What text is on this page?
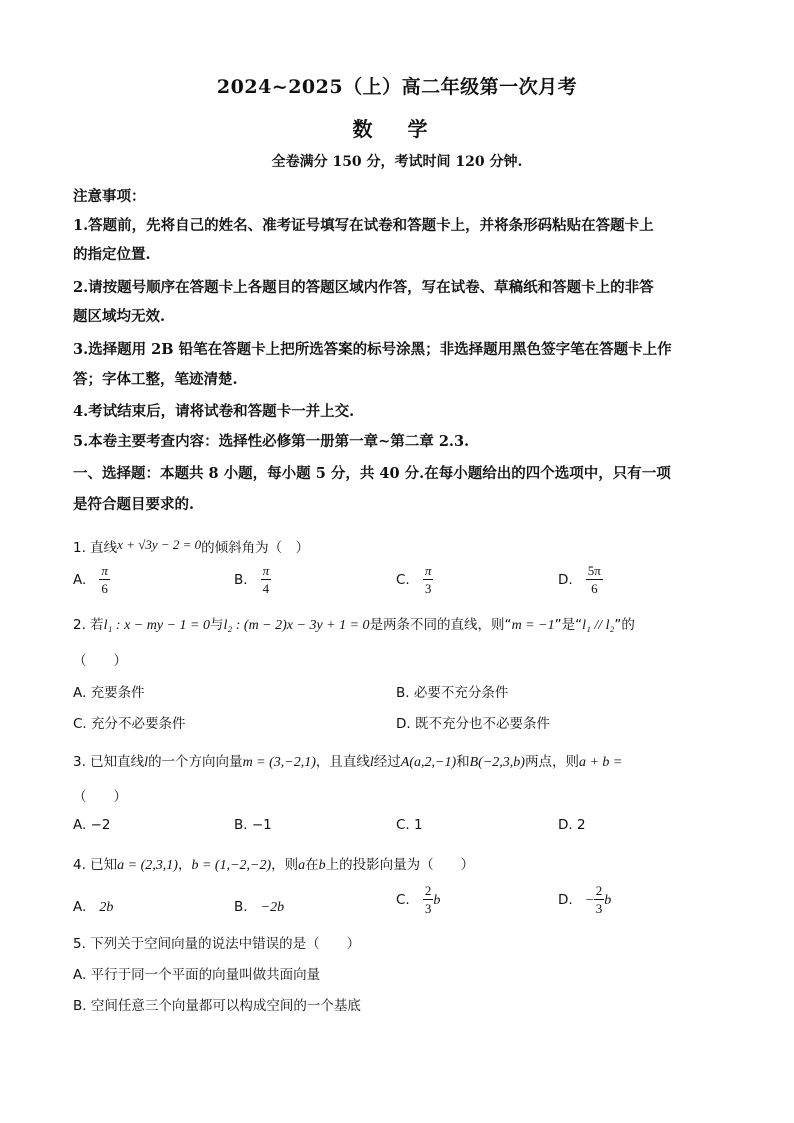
2024~2025（上）高二年级第一次月考
数 学
全卷满分 150 分，考试时间 120 分钟.
注意事项：
1.答题前，先将自己的姓名、准考证号填写在试卷和答题卡上，并将条形码粘贴在答题卡上
的指定位置.
2.请按题号顺序在答题卡上各题目的答题区域内作答，写在试卷、草稿纸和答题卡上的非答
题区域均无效.
3.选择题用 2B 铅笔在答题卡上把所选答案的标号涂黑；非选择题用黑色签字笔在答题卡上作
答；字体工整，笔迹清楚.
4.考试结束后，请将试卷和答题卡一并上交.
5.本卷主要考查内容：选择性必修第一册第一章~第二章 2.3.
一、选择题：本题共 8 小题，每小题 5 分，共 40 分.在每小题给出的四个选项中，只有一项
是符合题目要求的.
1. 直线x + √3y − 2 = 0的倾斜角为（　）
A. $\frac{\pi}{6}$	B. $\frac{\pi}{4}$	C. $\frac{\pi}{3}$	D. $\frac{5\pi}{6}$
2. 若l₁ : x − my − 1 = 0与l₂ : (m − 2)x − 3y + 1 = 0是两条不同的直线，则“m = −1”是“l₁ // l₂”的
（　　）
A. 充要条件	B. 必要不充分条件
C. 充分不必要条件	D. 既不充分也不必要条件
3. 已知直线l的一个方向向量m = (3,−2,1)，且直线l经过A(a,2,−1)和B(−2,3,b)两点，则a + b =
（　　）
A. −2	B. −1	C. 1	D. 2
4. 已知a = (2,3,1)，b = (1,−2,−2)，则a在b上的投影向量为（　　）
A. 2b	B. −2b	C. $\frac{2}{3}$ b	D. − $\frac{2}{3}$ b
5. 下列关于空间向量的说法中错误的是（　　）
A. 平行于同一个平面的向量叫做共面向量
B. 空间任意三个向量都可以构成空间的一个基底
